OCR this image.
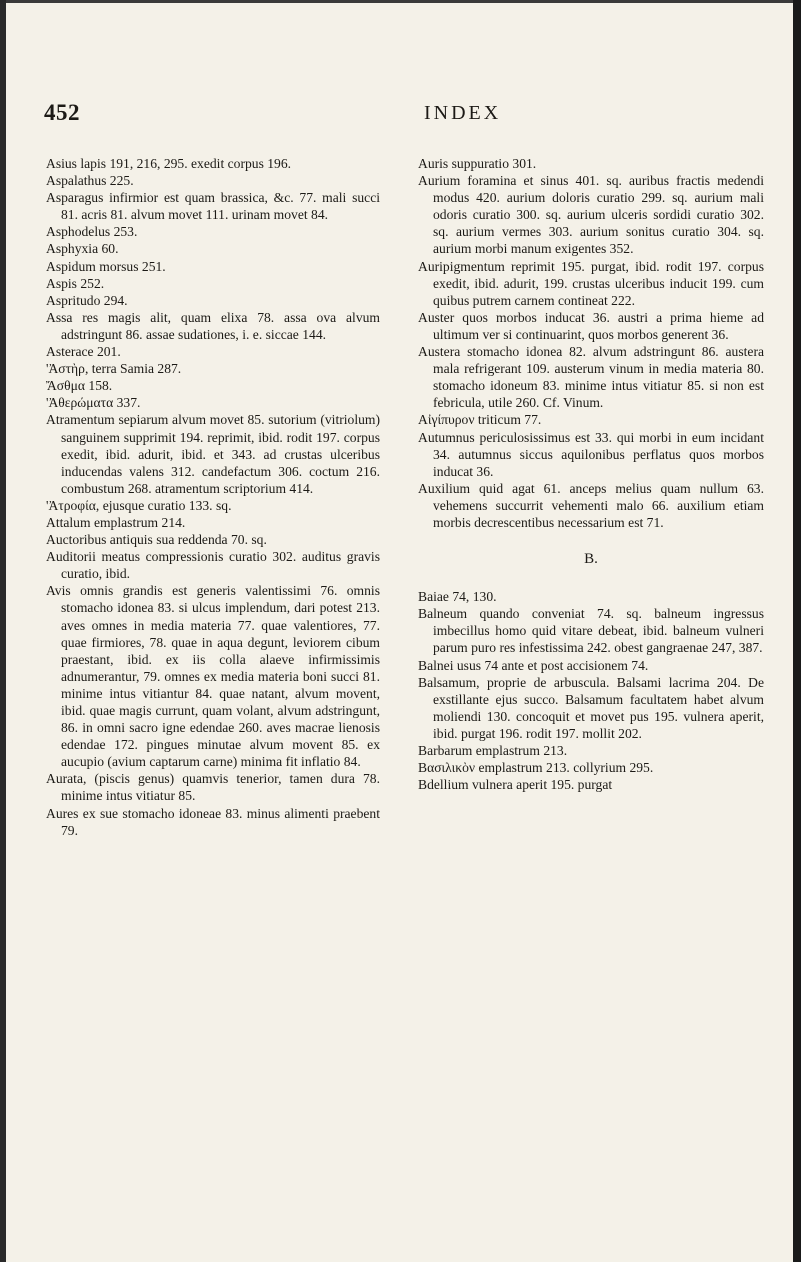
452	INDEX

Asius lapis 191, 216, 295. exedit corpus 196.

Aspalathus 225.

Asparagus infirmior est quam brassica, &c. 77. mali succi 81. acris 81. alvum movet 111. urinam movet 84.

Asphodelus 253.

Asphyxia 60.

Aspidum morsus 251.

Aspis 252.

Aspritudo 294.

Assa res magis alit, quam elixa 78. assa ova alvum adstringunt 86. assae sudationes, i. e. siccae 144.

Asterace 201.

'Ἀστὴρ, terra Samia 287.

Ἄσθμα 158.

'Ἀθερώματα 337.

Atramentum sepiarum alvum movet 85. sutorium (vitriolum) sanguinem supprimit 194. reprimit, ibid. rodit 197. corpus exedit, ibid. adurit, ibid. et 343. ad crustas ulceribus inducendas valens 312. candefactum 306. coctum 216. combustum 268. atramentum scriptorium 414.

'Ἀτροφία, ejusque curatio 133. sq.

Attalum emplastrum 214.

Auctoribus antiquis sua reddenda 70. sq.

Auditorii meatus compressionis curatio 302. auditus gravis curatio, ibid.

Avis omnis grandis est generis valentissimi 76. omnis stomacho idonea 83. si ulcus implendum, dari potest 213. aves omnes in media materia 77. quae valentiores, 77. quae firmiores, 78. quae in aqua degunt, leviorem cibum praestant, ibid. ex iis colla alaeve infirmissimis adnumerantur, 79. omnes ex media materia boni succi 81. minime intus vitiantur 84. quae natant, alvum movent, ibid. quae magis currunt, quam volant, alvum adstringunt, 86. in omni sacro igne edendae 260. aves macrae lienosis edendae 172. pingues minutae alvum movent 85. ex aucupio (avium captarum carne) minima fit inflatio 84.

Aurata, (piscis genus) quamvis tenerior, tamen dura 78. minime intus vitiatur 85.

Aures ex sue stomacho idoneae 83. minus alimenti praebent 79.

Auris suppuratio 301.

Aurium foramina et sinus 401. sq. auribus fractis medendi modus 420. aurium doloris curatio 299. sq. aurium mali odoris curatio 300. sq. aurium ulceris sordidi curatio 302. sq. aurium vermes 303. aurium sonitus curatio 304. sq. aurium morbi manum exigentes 352.

Auripigmentum reprimit 195. purgat, ibid. rodit 197. corpus exedit, ibid. adurit, 199. crustas ulceribus inducit 199. cum quibus putrem carnem contineat 222.

Auster quos morbos inducat 36. austri a prima hieme ad ultimum ver si continuarint, quos morbos generent 36.

Austera stomacho idonea 82. alvum adstringunt 86. austera mala refrigerant 109. austerum vinum in media materia 80. stomacho idoneum 83. minime intus vitiatur 85. si non est febricula, utile 260. Cf. Vinum.

Αἰγίπυρον triticum 77.

Autumnus periculosissimus est 33. qui morbi in eum incidant 34. autumnus siccus aquilonibus perflatus quos morbos inducat 36.

Auxilium quid agat 61. anceps melius quam nullum 63. vehemens succurrit vehementi malo 66. auxilium etiam morbis decrescentibus necessarium est 71.

B.

Baiae 74, 130.

Balneum quando conveniat 74. sq. balneum ingressus imbecillus homo quid vitare debeat, ibid. balneum vulneri parum puro res infestissima 242. obest gangraenae 247, 387.

Balnei usus 74 ante et post accisionem 74.

Balsamum, proprie de arbuscula. Balsami lacrima 204. De exstillante ejus succo. Balsamum facultatem habet alvum moliendi 130. concoquit et movet pus 195. vulnera aperit, ibid. purgat 196. rodit 197. mollit 202.

Barbarum emplastrum 213.

Βασιλικὸν emplastrum 213. collyrium 295.

Bdellium vulnera aperit 195. purgat
